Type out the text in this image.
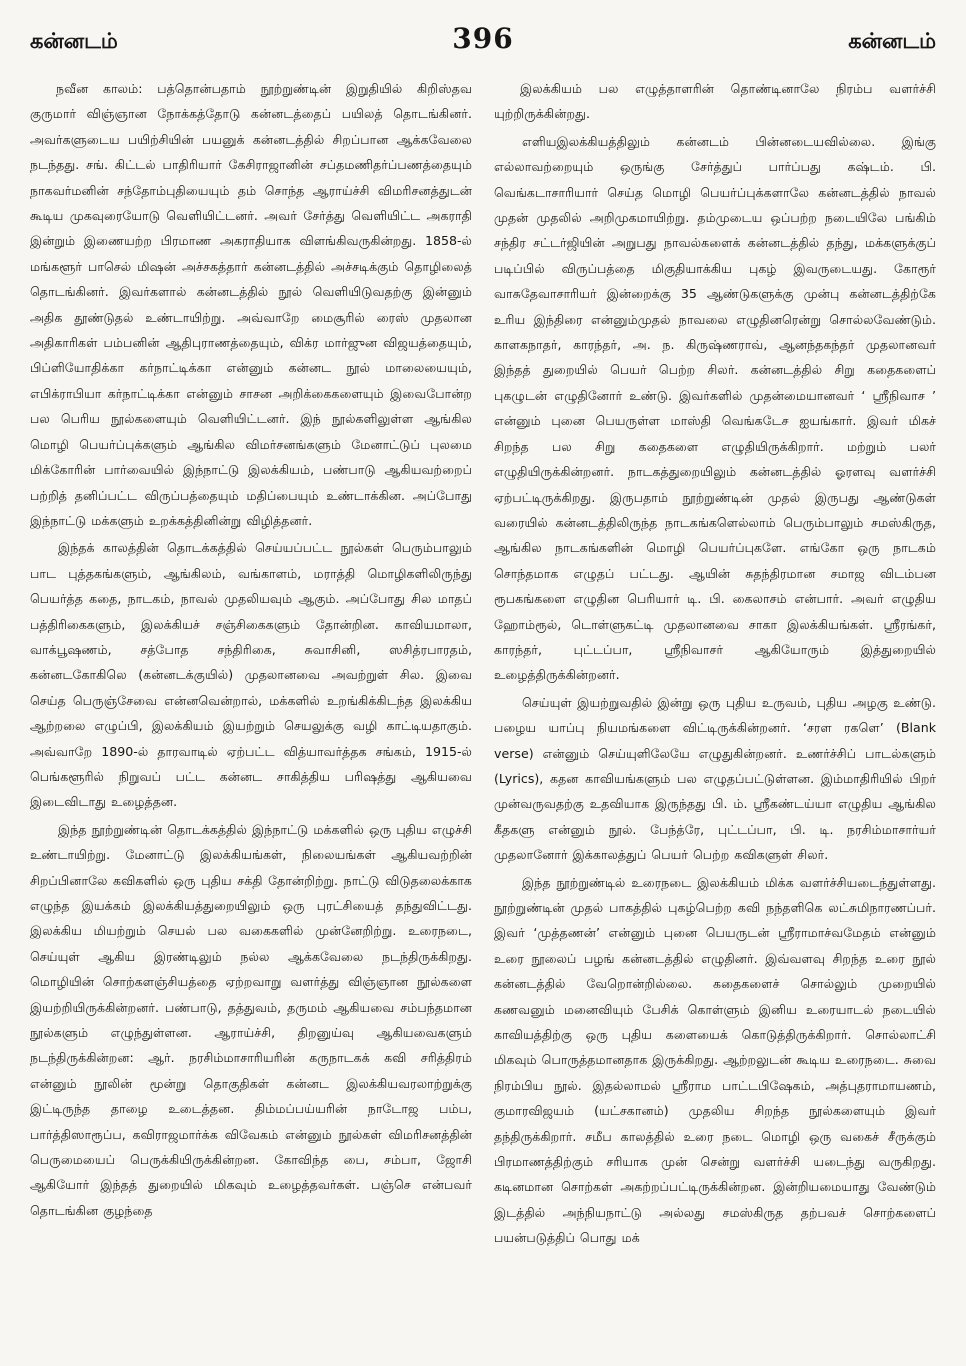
கன்னடம்	396	கன்னடம்

நவீன காலம்: பத்தொன்பதாம் நூற்றுண்டின் இறுதியில் கிறிஸ்தவ குருமார் விஞ்ஞான நோக்கத்தோடு கன்னடத்தைப் பயிலத் தொடங்கினர். அவர்களுடைய பயிற்சியின் பயனுக் கன்னடத்தில் சிறப்பான ஆக்கவேலை நடந்தது. சங். கிட்டல் பாதிரியார் கேசிராஜானின் சப்தமணிதர்ப்பணத்தையும் நாகவர்மனின் சந்தோம்புதியையும் தம் சொந்த ஆராய்ச்சி விமரிசனத்துடன் கூடிய முகவுரையோடு வெளியிட்டனர். அவர் சேர்த்து வெளியிட்ட அகராதி இன்றும் இணையற்ற பிரமாண அகராதியாக விளங்கிவருகின்றது. 1858-ல் மங்களூர் பாசெல் மிஷன் அச்சகத்தார் கன்னடத்தில் அச்சடிக்கும் தொழிலைத் தொடங்கினர். இவர்களால் கன்னடத்தில் நூல் வெளியிடுவதற்கு இன்னும் அதிக தூண்டுதல் உண்டாயிற்று. அவ்வாறே மைசூரில் ரைஸ் முதலான அதிகாரிகள் பம்பனின் ஆதிபுராணத்தையும், விக்ர மார்ஜுன விஜயத்தையும், பிப்ளியோதிக்கா கர்நாட்டிக்கா என்னும் கன்னட நூல் மாலையையும், எபிக்ராபியா கர்நாட்டிக்கா என்னும் சாசன அறிக்கைகளையும் இவைபோன்ற பல பெரிய நூல்களையும் வெளியிட்டனர். இந் நூல்களிலுள்ள ஆங்கில மொழி பெயர்ப்புக்களும் ஆங்கில விமர்சனங்களும் மேனாட்டுப் புலமை மிக்கோரின் பார்வையில் இந்நாட்டு இலக்கியம், பண்பாடு ஆகியவற்றைப் பற்றித் தனிப்பட்ட விருப்பத்தையும் மதிப்பையும் உண்டாக்கின. அப்போது இந்நாட்டு மக்களும் உறக்கத்தினின்று விழித்தனர்.

இந்தக் காலத்தின் தொடக்கத்தில் செய்யப்பட்ட நூல்கள் பெரும்பாலும் பாட புத்தகங்களும், ஆங்கிலம், வங்காளம், மராத்தி மொழிகளிலிருந்து பெயர்த்த கதை, நாடகம், நாவல் முதலியவும் ஆகும். அப்போது சில மாதப் பத்திரிகைகளும், இலக்கியச் சஞ்சிகைகளும் தோன்றின. காவியமாலா, வாக்பூஷணம், சத்போத சந்திரிகை, சுவாசினி, ஸசித்ரபாரதம், கன்னடகோகிலெ (கன்னடக்குயில்) முதலானவை அவற்றுள் சில. இவை செய்த பெருஞ்சேவை என்னவென்றால், மக்களில் உறங்கிக்கிடந்த இலக்கிய ஆற்றலை எழுப்பி, இலக்கியம் இயற்றும் செயலுக்கு வழி காட்டியதாகும். அவ்வாறே 1890-ல் தாரவாடில் ஏற்பட்ட வித்யாவர்த்தக சங்கம், 1915-ல் பெங்களூரில் நிறுவப் பட்ட கன்னட சாகித்திய பரிஷத்து ஆகியவை இடைவிடாது உழைத்தன.

இந்த நூற்றுண்டின் தொடக்கத்தில் இந்நாட்டு மக்களில் ஒரு புதிய எழுச்சி உண்டாயிற்று. மேனாட்டு இலக்கியங்கள், நிலையங்கள் ஆகியவற்றின் சிறப்பினாலே கவிகளில் ஒரு புதிய சக்தி தோன்றிற்று. நாட்டு விடுதலைக்காக எழுந்த இயக்கம் இலக்கியத்துறையிலும் ஒரு புரட்சியைத் தந்துவிட்டது. இலக்கிய மியற்றும் செயல் பல வகைகளில் முன்னேறிற்று. உரைநடை, செய்யுள் ஆகிய இரண்டிலும் நல்ல ஆக்கவேலை நடந்திருக்கிறது. மொழியின் சொற்களஞ்சியத்தை ஏற்றவாறு வளர்த்து விஞ்ஞான நூல்களை இயற்றியிருக்கின்றனர். பண்பாடு, தத்துவம், தருமம் ஆகியவை சம்பந்தமான நூல்களும் எழுந்துள்ளன. ஆராய்ச்சி, திறனுய்வு ஆகியவைகளும் நடந்திருக்கின்றன: ஆர். நரசிம்மாசாரியரின் கருநாடகக் கவி சரித்திரம் என்னும் நூலின் மூன்று தொகுதிகள் கன்னட இலக்கியவரலாற்றுக்கு இட்டிருந்த தாழை உடைத்தன. திம்மப்பய்யரின் நாடோஜ பம்ப, பார்த்திஸாரூப்ப, கவிராஜமார்க்க விவேகம் என்னும் நூல்கள் விமரிசனத்தின் பெருமையைப் பெருக்கியிருக்கின்றன. கோவிந்த பை, சம்பா, ஜோசி ஆகியோர் இந்தத் துறையில் மிகவும் உழைத்தவர்கள். பஞ்செ என்பவர் தொடங்கின குழந்தை

இலக்கியம் பல எழுத்தாளரின் தொண்டினாலே நிரம்ப வளர்ச்சி யுற்றிருக்கின்றது.

எளியஇலக்கியத்திலும் கன்னடம் பின்னடையவில்லை. இங்கு எல்லாவற்றையும் ஒருங்கு சேர்த்துப் பார்ப்பது கஷ்டம். பி. வெங்கடாசாரியார் செய்த மொழி பெயர்ப்புக்களாலே கன்னடத்தில் நாவல் முதன் முதலில் அறிமுகமாயிற்று. தம்முடைய ஒப்பற்ற நடையிலே பங்கிம் சந்திர சட்டர்ஜியின் அறுபது நாவல்களைக் கன்னடத்தில் தந்து, மக்களுக்குப் படிப்பில் விருப்பத்தை மிகுதியாக்கிய புகழ் இவருடையது. கோரூர் வாசுதேவாசாரியர் இன்றைக்கு 35 ஆண்டுகளுக்கு முன்பு கன்னடத்திற்கே உரிய இந்திரை என்னும்முதல் நாவலை எழுதினரென்று சொல்லவேண்டும். காளகநாதர், காரந்தர், அ. ந. கிருஷ்ணராவ், ஆனந்தகந்தர் முதலானவர் இந்தத் துறையில் பெயர் பெற்ற சிலர். கன்னடத்தில் சிறு கதைகளைப் புகழுடன் எழுதினோர் உண்டு. இவர்களில் முதன்மையானவர் ‘ ஸ்ரீநிவாச ’ என்னும் புனை பெயருள்ள மாஸ்தி வெங்கடேச ஐயங்கார். இவர் மிகச் சிறந்த பல சிறு கதைகளை எழுதியிருக்கிறார். மற்றும் பலர் எழுதியிருக்கின்றனர். நாடகத்துறையிலும் கன்னடத்தில் ஓரளவு வளர்ச்சி ஏற்பட்டிருக்கிறது. இருபதாம் நூற்றுண்டின் முதல் இருபது ஆண்டுகள் வரையில் கன்னடத்திலிருந்த நாடகங்களெல்லாம் பெரும்பாலும் சமஸ்கிருத, ஆங்கில நாடகங்களின் மொழி பெயர்ப்புகளே. எங்கோ ஒரு நாடகம் சொந்தமாக எழுதப் பட்டது. ஆயின் சுதந்திரமான சமாஜ விடம்பன ரூபகங்களை எழுதின பெரியார் டி. பி. கைலாசம் என்பார். அவர் எழுதிய ஹோம்ரூல், டொள்ளுகட்டி முதலானவை சாகா இலக்கியங்கள். ஸ்ரீரங்கர், காரந்தர், புட்டப்பா, ஸ்ரீநிவாசர் ஆகியோரும் இத்துறையில் உழைத்திருக்கின்றனர்.

செய்யுள் இயற்றுவதில் இன்று ஒரு புதிய உருவம், புதிய அழகு உண்டு. பழைய யாப்பு நியமங்களை விட்டிருக்கின்றனர். ‘சரள ரகளெ’ (Blank verse) என்னும் செய்யுளிலேயே எழுதுகின்றனர். உணர்ச்சிப் பாடல்களும் (Lyrics), கதன காவியங்களும் பல எழுதப்பட்டுள்ளன. இம்மாதிரியில் பிறர் முன்வருவதற்கு உதவியாக இருந்தது பி. ம். ஸ்ரீகண்டய்யா எழுதிய ஆங்கில கீதகளு என்னும் நூல். பேந்த்ரே, புட்டப்பா, பி. டி. நரசிம்மாசார்யர் முதலானோர் இக்காலத்துப் பெயர் பெற்ற கவிகளுள் சிலர்.

இந்த நூற்றுண்டில் உரைநடை இலக்கியம் மிக்க வளர்ச்சியடைந்துள்ளது. நூற்றுண்டின் முதல் பாகத்தில் புகழ்பெற்ற கவி நந்தளிகெ லட்சுமிநாரணப்பர். இவர் ‘முத்தணன்’ என்னும் புனை பெயருடன் ஸ்ரீராமாச்வமேதம் என்னும் உரை நூலைப் பழங் கன்னடத்தில் எழுதினர். இவ்வளவு சிறந்த உரை நூல் கன்னடத்தில் வேறொன்றில்லை. கதைகளைச் சொல்லும் முறையில் கணவனும் மனைவியும் பேசிக் கொள்ளும் இனிய உரையாடல் நடையில் காவியத்திற்கு ஒரு புதிய களையைக் கொடுத்திருக்கிறார். சொல்லாட்சி மிகவும் பொருத்தமானதாக இருக்கிறது. ஆற்றலுடன் கூடிய உரைநடை. சுவை நிரம்பிய நூல். இதல்லாமல் ஸ்ரீராம பாட்டபிஷேகம், அத்புதராமாயணம், குமாரவிஜயம் (யட்சகானம்) முதலிய சிறந்த நூல்களையும் இவர் தந்திருக்கிறார். சமீப காலத்தில் உரை நடை மொழி ஒரு வகைச் சீருக்கும் பிரமாணத்திற்கும் சரியாக முன் சென்று வளர்ச்சி யடைந்து வருகிறது. கடினமான சொற்கள் அகற்றப்பட்டிருக்கின்றன. இன்றியமையாது வேண்டும் இடத்தில் அந்நியநாட்டு அல்லது சமஸ்கிருத தற்பவச் சொற்களைப் பயன்படுத்திப் பொது மக்
